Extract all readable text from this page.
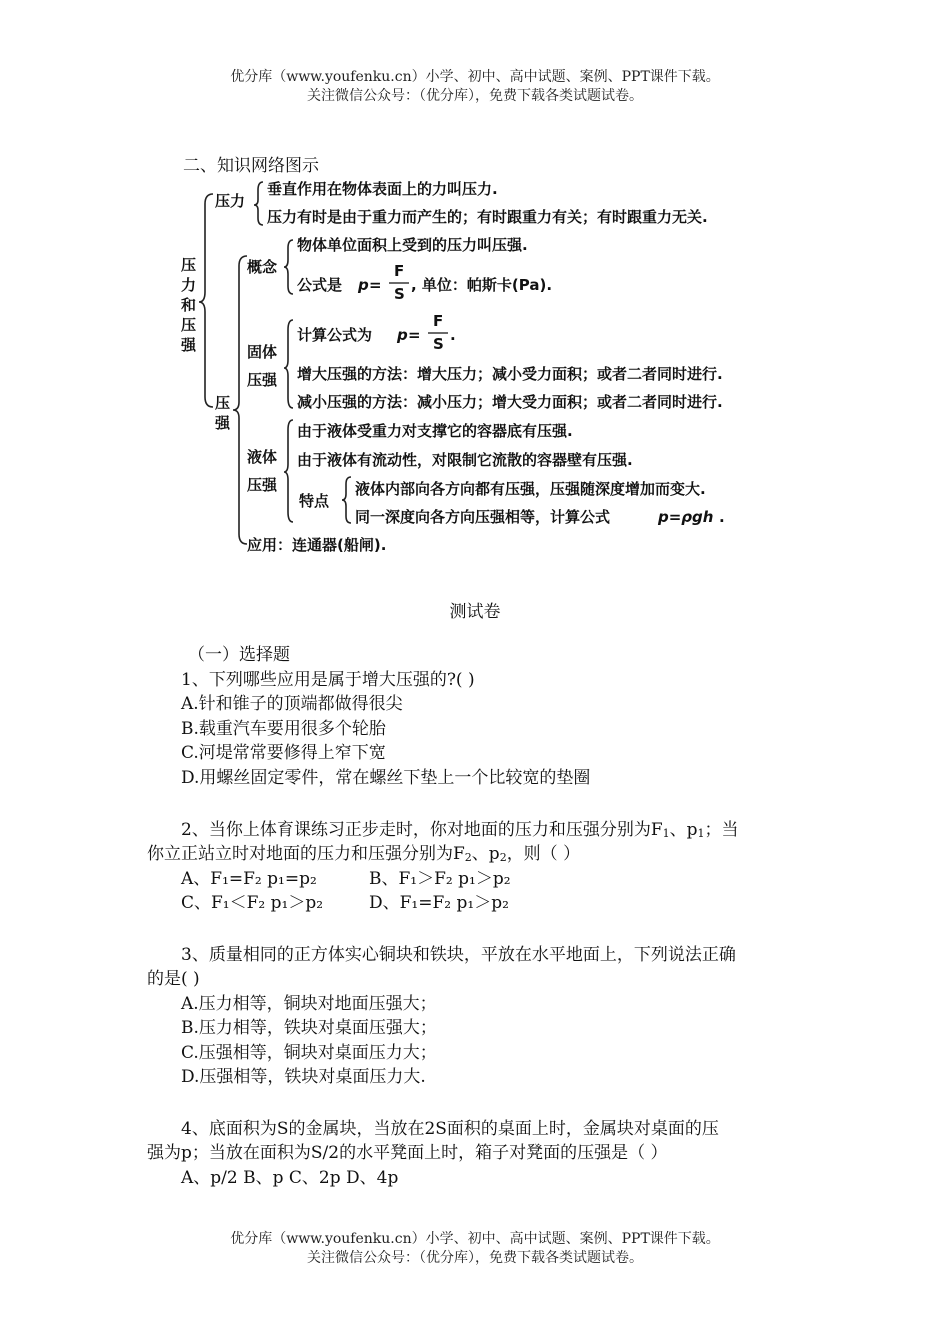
优分库（www.youfenku.cn）小学、初中、高中试题、案例、PPT课件下载。
关注微信公众号：（优分库），免费下载各类试题试卷。
二、知识网络图示
压
力
和
压
强
压力
垂直作用在物体表面上的力叫压力.
压力有时是由于重力而产生的；有时跟重力有关；有时跟重力无关.
压
强
概念
物体单位面积上受到的压力叫压强.
公式是 p =
F
S , 单位：帕斯卡(Pa).
固体
压强
计算公式为 p =
F
S .
增大压强的方法：增大压力；减小受力面积；或者二者同时进行.
减小压强的方法：减小压力；增大受力面积；或者二者同时进行.
液体
压强
由于液体受重力对支撑它的容器底有压强.
由于液体有流动性，对限制它流散的容器壁有压强.
特点
液体内部向各方向都有压强，压强随深度增加而变大.
同一深度向各方向压强相等，计算公式	p=ρgh .
应用：连通器(船闸).
测试卷
（一）选择题
1、下列哪些应用是属于增大压强的?( )
A.针和锥子的顶端都做得很尖
B.载重汽车要用很多个轮胎
C.河堤常常要修得上窄下宽
D.用螺丝固定零件，常在螺丝下垫上一个比较宽的垫圈
2、当你上体育课练习正步走时，你对地面的压力和压强分别为$F_1$、$p_1$；当
你立正站立时对地面的压力和压强分别为$F_2$、$p_2$，则（ ）
A、F₁=F₂ p₁=p₂	B、F₁＞F₂ p₁＞p₂
C、F₁＜F₂ p₁＞p₂	D、F₁=F₂ p₁＞p₂
3、质量相同的正方体实心铜块和铁块，平放在水平地面上，下列说法正确
的是( )
A.压力相等，铜块对地面压强大；
B.压力相等，铁块对桌面压强大；
C.压强相等，铜块对桌面压力大；
D.压强相等，铁块对桌面压力大.
4、底面积为S的金属块，当放在2S面积的桌面上时，金属块对桌面的压
强为p；当放在面积为S/2的水平凳面上时，箱子对凳面的压强是（ ）
A、p/2 B、p C、2p D、4p
优分库（www.youfenku.cn）小学、初中、高中试题、案例、PPT课件下载。
关注微信公众号：（优分库），免费下载各类试题试卷。
